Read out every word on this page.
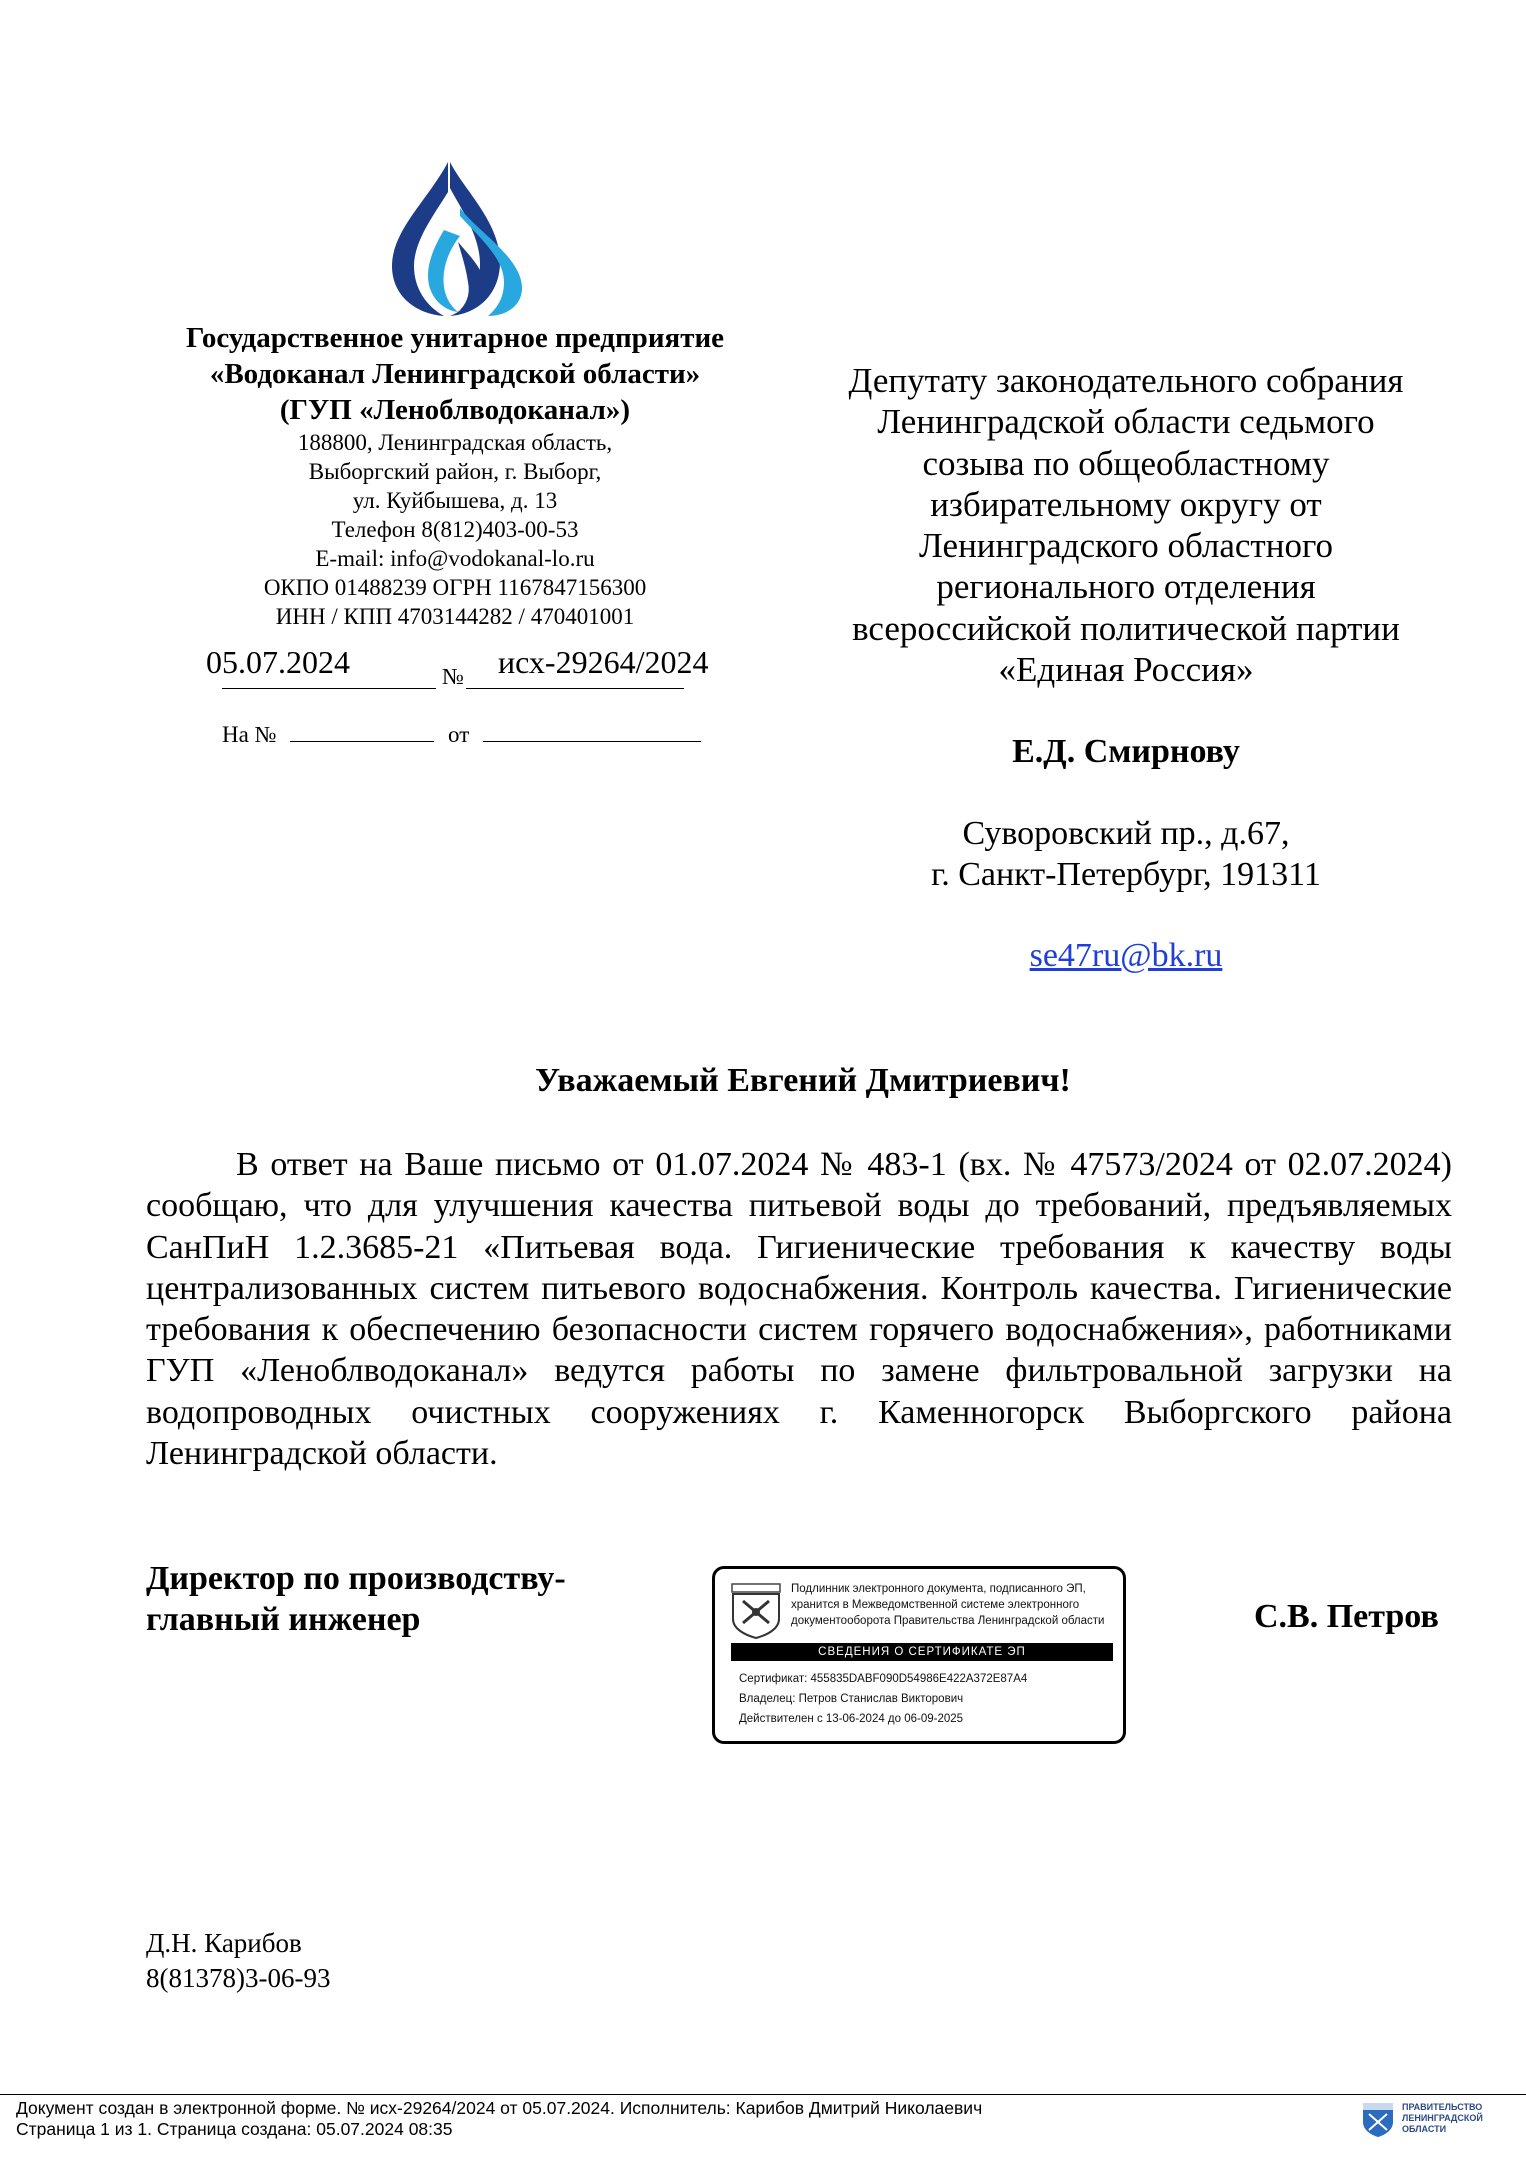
Государственное унитарное предприятие
«Водоканал Ленинградской области»
(ГУП «Леноблводоканал»)
188800, Ленинградская область,
Выборгский район, г. Выборг,
ул. Куйбышева, д. 13
Телефон 8(812)403-00-53
E-mail: info@vodokanal-lo.ru
ОКПО 01488239 ОГРН 1167847156300
ИНН / КПП 4703144282 / 470401001
05.07.2024	№ исх-29264/2024
На №	от
Депутату законодательного собрания
Ленинградской области седьмого
созыва по общеобластному
избирательному округу от
Ленинградского областного
регионального отделения
всероссийской политической партии
«Единая Россия»
Е.Д. Смирнову
Суворовский пр., д.67,
г. Санкт-Петербург, 191311
se47ru@bk.ru
Уважаемый Евгений Дмитриевич!
В ответ на Ваше письмо от 01.07.2024 № 483-1 (вх. № 47573/2024 от 02.07.2024) сообщаю, что для улучшения качества питьевой воды до требований, предъявляемых СанПиН 1.2.3685-21 «Питьевая вода. Гигиенические требования к качеству воды централизованных систем питьевого водоснабжения. Контроль качества. Гигиенические требования к обеспечению безопасности систем горячего водоснабжения», работниками ГУП «Леноблводоканал» ведутся работы по замене фильтровальной загрузки на водопроводных очистных сооружениях г. Каменногорск Выборгского района Ленинградской области.
Директор по производству-
главный инженер	С.В. Петров
Подлинник электронного документа, подписанного ЭП,
хранится в Межведомственной системе электронного
документооборота Правительства Ленинградской области
СВЕДЕНИЯ О СЕРТИФИКАТЕ ЭП
Сертификат: 455835DABF090D54986E422A372E87A4
Владелец: Петров Станислав Викторович
Действителен с 13-06-2024 до 06-09-2025
Д.Н. Карибов
8(81378)3-06-93
Документ создан в электронной форме. № исх-29264/2024 от 05.07.2024. Исполнитель: Карибов Дмитрий Николаевич
Страница 1 из 1. Страница создана: 05.07.2024 08:35
ПРАВИТЕЛЬСТВО
ЛЕНИНГРАДСКОЙ
ОБЛАСТИ
